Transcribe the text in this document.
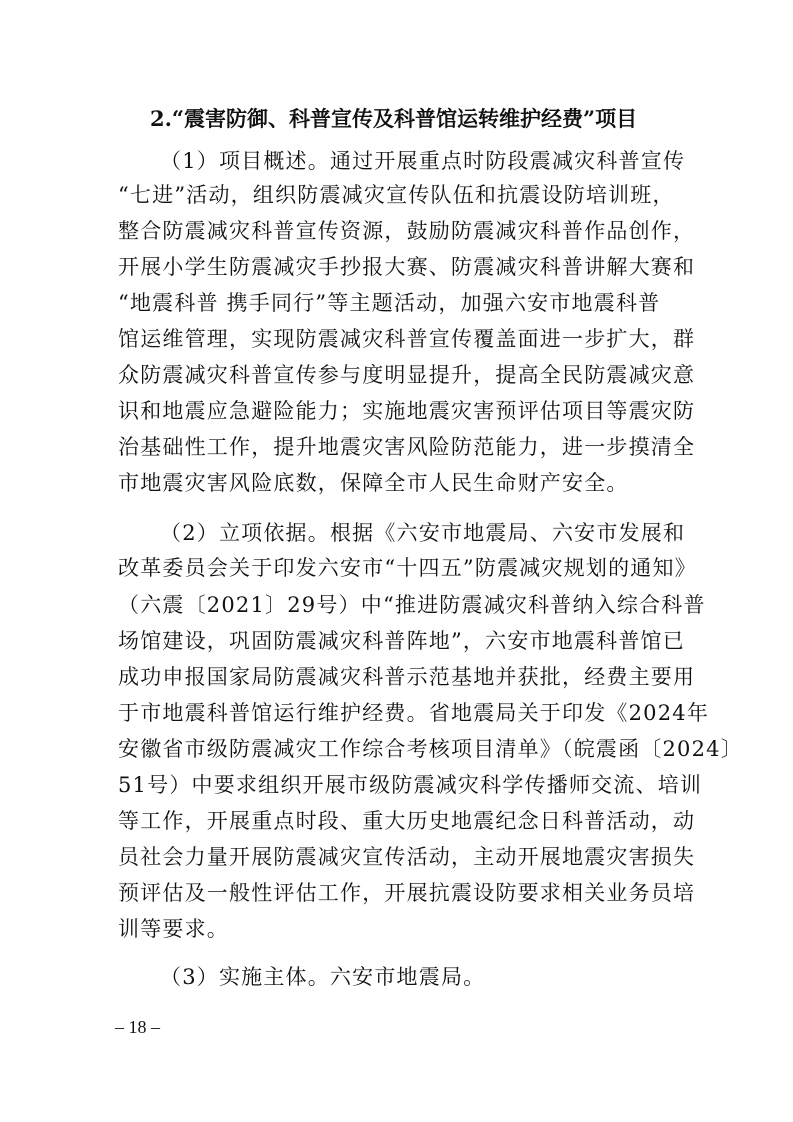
2.“震害防御、科普宣传及科普馆运转维护经费”项目
（1）项目概述。通过开展重点时防段震减灾科普宣传
“七进”活动，组织防震减灾宣传队伍和抗震设防培训班，
整合防震减灾科普宣传资源，鼓励防震减灾科普作品创作，
开展小学生防震减灾手抄报大赛、防震减灾科普讲解大赛和
“地震科普 携手同行”等主题活动，加强六安市地震科普
馆运维管理，实现防震减灾科普宣传覆盖面进一步扩大，群
众防震减灾科普宣传参与度明显提升，提高全民防震减灾意
识和地震应急避险能力；实施地震灾害预评估项目等震灾防
治基础性工作，提升地震灾害风险防范能力，进一步摸清全
市地震灾害风险底数，保障全市人民生命财产安全。
（2）立项依据。根据《六安市地震局、六安市发展和
改革委员会关于印发六安市“十四五”防震减灾规划的通知》
（六震〔2021〕29号）中“推进防震减灾科普纳入综合科普
场馆建设，巩固防震减灾科普阵地”，六安市地震科普馆已
成功申报国家局防震减灾科普示范基地并获批，经费主要用
于市地震科普馆运行维护经费。省地震局关于印发《2024年
安徽省市级防震减灾工作综合考核项目清单》（皖震函〔2024〕
51号）中要求组织开展市级防震减灾科学传播师交流、培训
等工作，开展重点时段、重大历史地震纪念日科普活动，动
员社会力量开展防震减灾宣传活动，主动开展地震灾害损失
预评估及一般性评估工作，开展抗震设防要求相关业务员培
训等要求。
（3）实施主体。六安市地震局。
– 18 –
